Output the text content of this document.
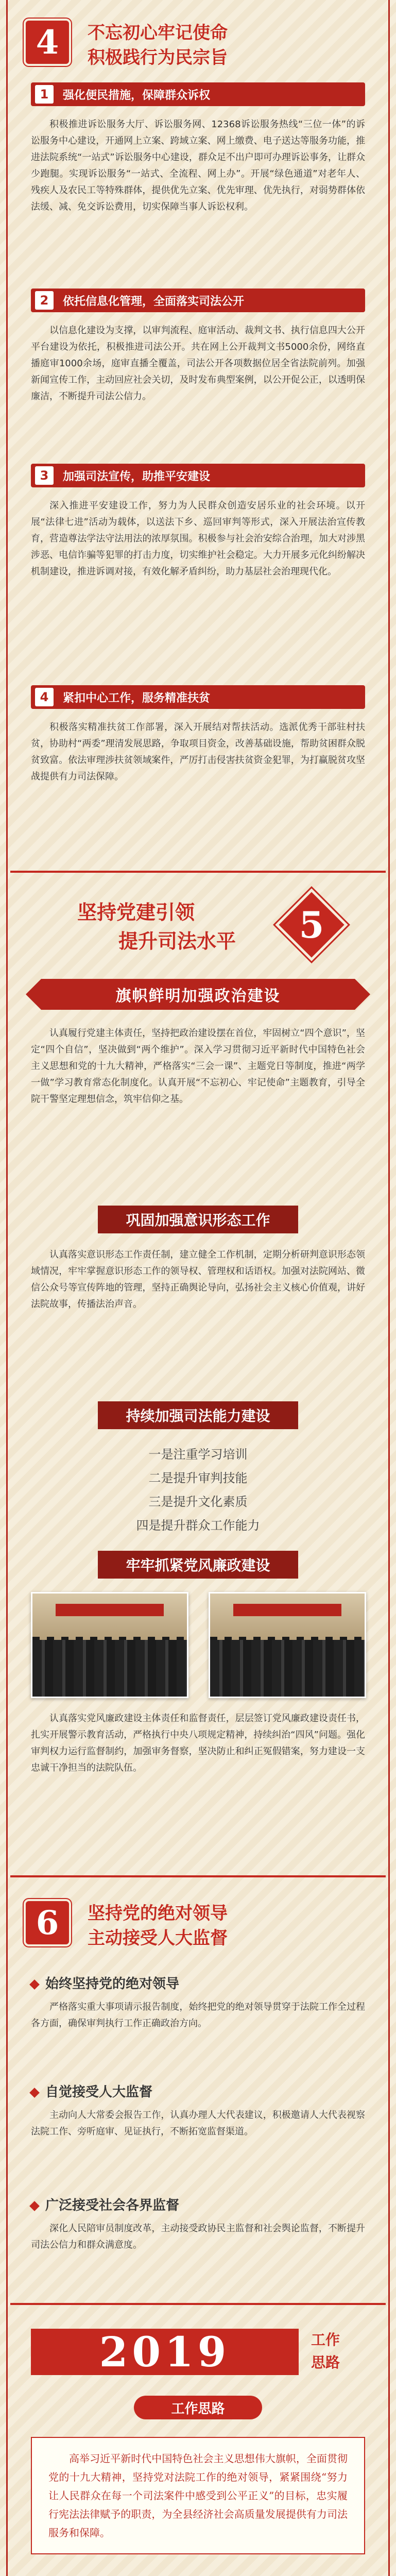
4	不忘初心牢记使命
积极践行为民宗旨
1	强化便民措施，保障群众诉权
积极推进诉讼服务大厅、诉讼服务网、12368诉讼服务热线“三位一体”的诉讼服务中心建设，开通网上立案、跨域立案、网上缴费、电子送达等服务功能，推进法院系统“一站式”诉讼服务中心建设，群众足不出户即可办理诉讼事务，让群众少跑腿。实现诉讼服务“一站式、全流程、网上办”。开展“绿色通道”对老年人、残疾人及农民工等特殊群体，提供优先立案、优先审理、优先执行，对弱势群体依法缓、减、免交诉讼费用，切实保障当事人诉讼权利。
2	依托信息化管理，全面落实司法公开
以信息化建设为支撑，以审判流程、庭审活动、裁判文书、执行信息四大公开平台建设为依托，积极推进司法公开。共在网上公开裁判文书5000余份，网络直播庭审1000余场，庭审直播全覆盖，司法公开各项数据位居全省法院前列。加强新闻宣传工作，主动回应社会关切，及时发布典型案例，以公开促公正，以透明保廉洁，不断提升司法公信力。
3	加强司法宣传，助推平安建设
深入推进平安建设工作，努力为人民群众创造安居乐业的社会环境。以开展“法律七进”活动为载体，以送法下乡、巡回审判等形式，深入开展法治宣传教育，营造尊法学法守法用法的浓厚氛围。积极参与社会治安综合治理，加大对涉黑涉恶、电信诈骗等犯罪的打击力度，切实维护社会稳定。大力开展多元化纠纷解决机制建设，推进诉调对接，有效化解矛盾纠纷，助力基层社会治理现代化。
4	紧扣中心工作，服务精准扶贫
积极落实精准扶贫工作部署，深入开展结对帮扶活动。选派优秀干部驻村扶贫，协助村“两委”理清发展思路，争取项目资金，改善基础设施，帮助贫困群众脱贫致富。依法审理涉扶贫领域案件，严厉打击侵害扶贫资金犯罪，为打赢脱贫攻坚战提供有力司法保障。
坚持党建引领
提升司法水平 5
旗帜鲜明加强政治建设
认真履行党建主体责任，坚持把政治建设摆在首位，牢固树立“四个意识”，坚定“四个自信”，坚决做到“两个维护”。深入学习贯彻习近平新时代中国特色社会主义思想和党的十九大精神，严格落实“三会一课”、主题党日等制度，推进“两学一做”学习教育常态化制度化。认真开展“不忘初心、牢记使命”主题教育，引导全院干警坚定理想信念，筑牢信仰之基。
巩固加强意识形态工作
认真落实意识形态工作责任制，建立健全工作机制，定期分析研判意识形态领域情况，牢牢掌握意识形态工作的领导权、管理权和话语权。加强对法院网站、微信公众号等宣传阵地的管理，坚持正确舆论导向，弘扬社会主义核心价值观，讲好法院故事，传播法治声音。
持续加强司法能力建设
一是注重学习培训
二是提升审判技能
三是提升文化素质
四是提升群众工作能力
牢牢抓紧党风廉政建设
认真落实党风廉政建设主体责任和监督责任，层层签订党风廉政建设责任书，扎实开展警示教育活动，严格执行中央八项规定精神，持续纠治“四风”问题。强化审判权力运行监督制约，加强审务督察，坚决防止和纠正冤假错案，努力建设一支忠诚干净担当的法院队伍。
6	坚持党的绝对领导
主动接受人大监督
始终坚持党的绝对领导
严格落实重大事项请示报告制度，始终把党的绝对领导贯穿于法院工作全过程各方面，确保审判执行工作正确政治方向。
自觉接受人大监督
主动向人大常委会报告工作，认真办理人大代表建议，积极邀请人大代表视察法院工作、旁听庭审、见证执行，不断拓宽监督渠道。
广泛接受社会各界监督
深化人民陪审员制度改革，主动接受政协民主监督和社会舆论监督，不断提升司法公信力和群众满意度。
2019	工作
思路
工作思路
高举习近平新时代中国特色社会主义思想伟大旗帜，全面贯彻党的十九大精神，坚持党对法院工作的绝对领导，紧紧围绕“努力让人民群众在每一个司法案件中感受到公平正义”的目标，忠实履行宪法法律赋予的职责，为全县经济社会高质量发展提供有力司法服务和保障。
